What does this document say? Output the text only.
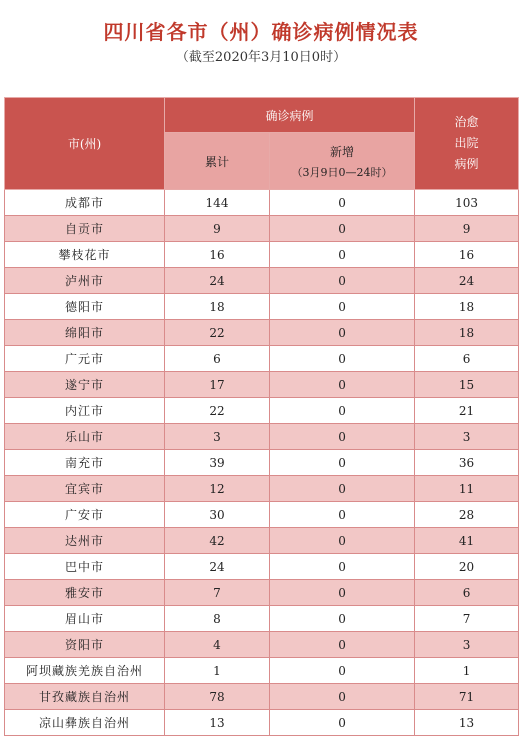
四川省各市（州）确诊病例情况表
（截至2020年3月10日0时）
市(州)	确诊病例		治愈
出院
病例

	累计	新增
（3月9日0—24时）	

成都市	144	0	103
自贡市	9	0	9
攀枝花市	16	0	16
泸州市	24	0	24
德阳市	18	0	18
绵阳市	22	0	18
广元市	6	0	6
遂宁市	17	0	15
内江市	22	0	21
乐山市	3	0	3
南充市	39	0	36
宜宾市	12	0	11
广安市	30	0	28
达州市	42	0	41
巴中市	24	0	20
雅安市	7	0	6
眉山市	8	0	7
资阳市	4	0	3
阿坝藏族羌族自治州	1	0	1
甘孜藏族自治州	78	0	71
凉山彝族自治州	13	0	13
